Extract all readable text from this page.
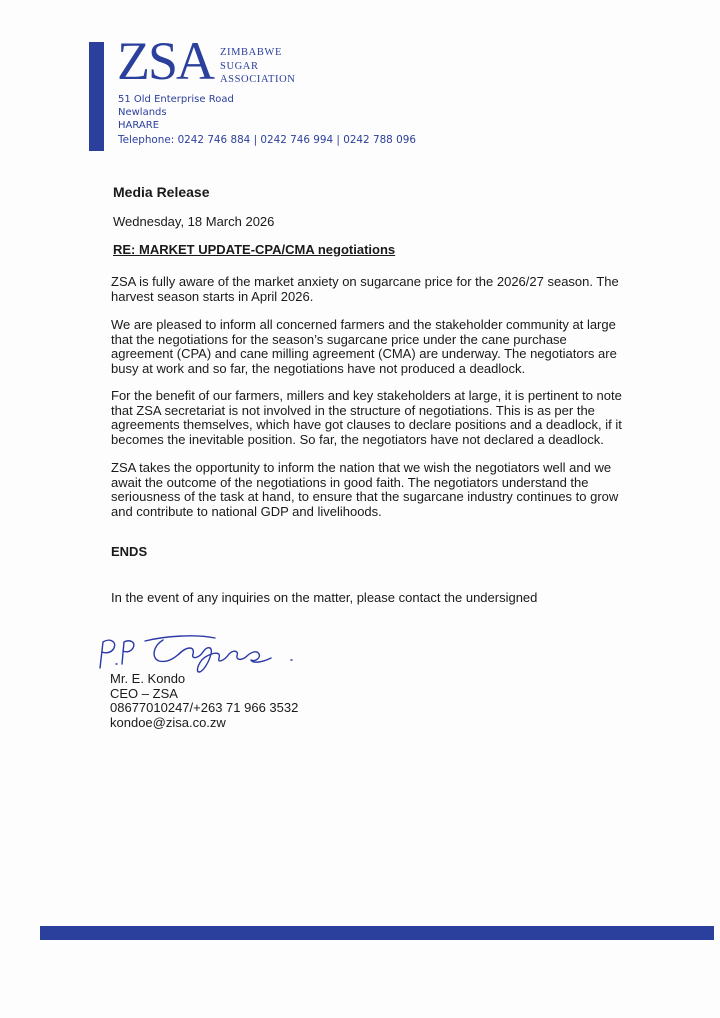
ZSA ZIMBABWE
SUGAR
ASSOCIATION
51 Old Enterprise Road
Newlands
HARARE
Telephone: 0242 746 884 | 0242 746 994 | 0242 788 096
Media Release
Wednesday, 18 March 2026
RE: MARKET UPDATE-CPA/CMA negotiations
ZSA is fully aware of the market anxiety on sugarcane price for the 2026/27 season. The harvest season starts in April 2026.
We are pleased to inform all concerned farmers and the stakeholder community at large that the negotiations for the season’s sugarcane price under the cane purchase agreement (CPA) and cane milling agreement (CMA) are underway. The negotiators are busy at work and so far, the negotiations have not produced a deadlock.
For the benefit of our farmers, millers and key stakeholders at large, it is pertinent to note that ZSA secretariat is not involved in the structure of negotiations. This is as per the agreements themselves, which have got clauses to declare positions and a deadlock, if it becomes the inevitable position. So far, the negotiators have not declared a deadlock.
ZSA takes the opportunity to inform the nation that we wish the negotiators well and we await the outcome of the negotiations in good faith. The negotiators understand the seriousness of the task at hand, to ensure that the sugarcane industry continues to grow and contribute to national GDP and livelihoods.
ENDS
In the event of any inquiries on the matter, please contact the undersigned
Mr. E. Kondo
CEO – ZSA
08677010247/+263 71 966 3532
kondoe@zisa.co.zw
